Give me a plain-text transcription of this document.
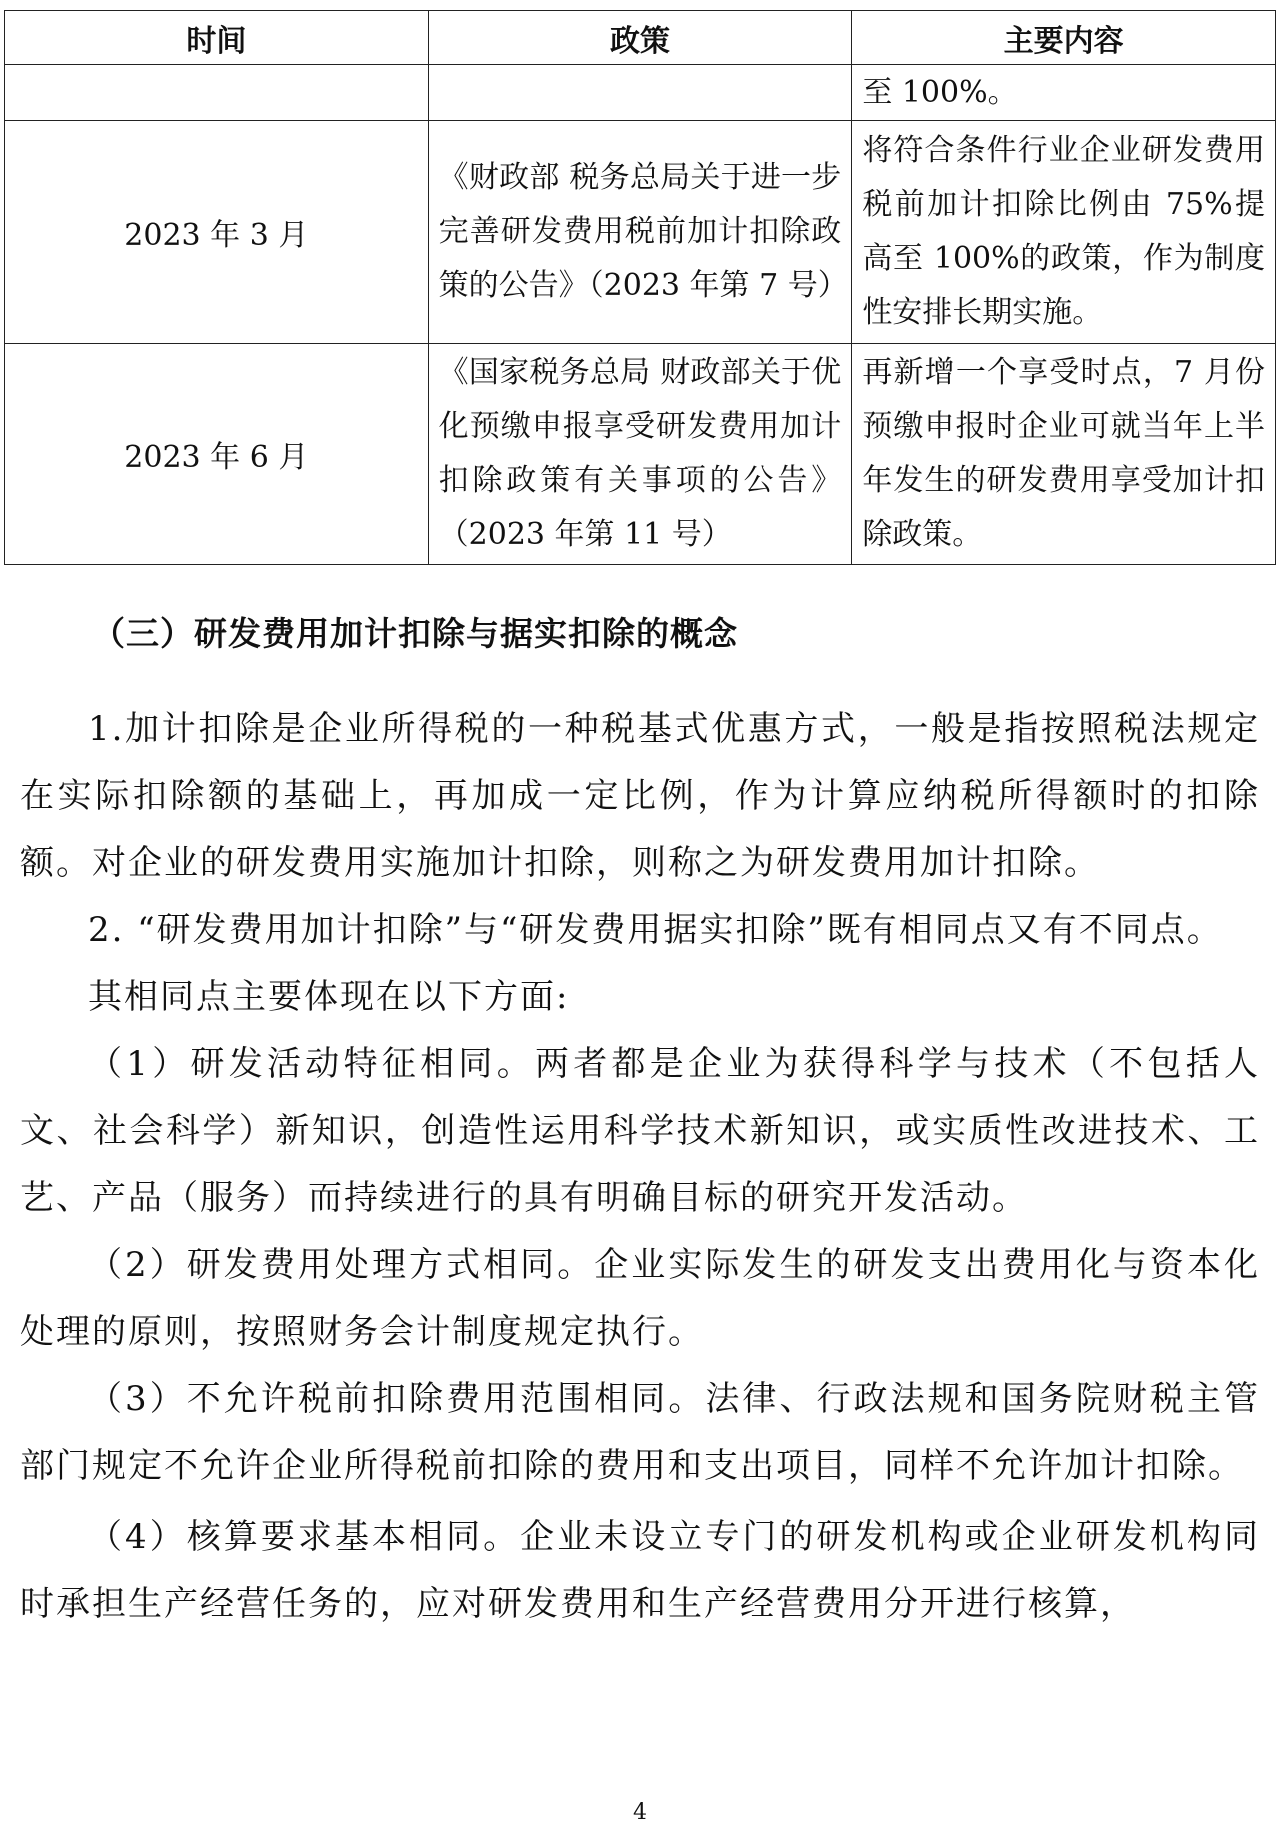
时间	政策	主要内容
		至 100%。
2023 年 3 月	《财政部 税务总局关于进一步完善研发费用税前加计扣除政策的公告》（2023 年第 7 号）	将符合条件行业企业研发费用税前加计扣除比例由 75%提高至 100%的政策，作为制度性安排长期实施。
2023 年 6 月	《国家税务总局 财政部关于优化预缴申报享受研发费用加计扣除政策有关事项的公告》（2023 年第 11 号）	再新增一个享受时点，7 月份预缴申报时企业可就当年上半年发生的研发费用享受加计扣除政策。
（三）研发费用加计扣除与据实扣除的概念

1.加计扣除是企业所得税的一种税基式优惠方式，一般是指按照税法规定在实际扣除额的基础上，再加成一定比例，作为计算应纳税所得额时的扣除额。对企业的研发费用实施加计扣除，则称之为研发费用加计扣除。

2. “研发费用加计扣除”与“研发费用据实扣除”既有相同点又有不同点。

其相同点主要体现在以下方面:

（1）研发活动特征相同。两者都是企业为获得科学与技术（不包括人文、社会科学）新知识，创造性运用科学技术新知识，或实质性改进技术、工艺、产品（服务）而持续进行的具有明确目标的研究开发活动。

（2）研发费用处理方式相同。企业实际发生的研发支出费用化与资本化处理的原则，按照财务会计制度规定执行。

（3）不允许税前扣除费用范围相同。法律、行政法规和国务院财税主管部门规定不允许企业所得税前扣除的费用和支出项目，同样不允许加计扣除。

（4）核算要求基本相同。企业未设立专门的研发机构或企业研发机构同时承担生产经营任务的，应对研发费用和生产经营费用分开进行核算，

4
